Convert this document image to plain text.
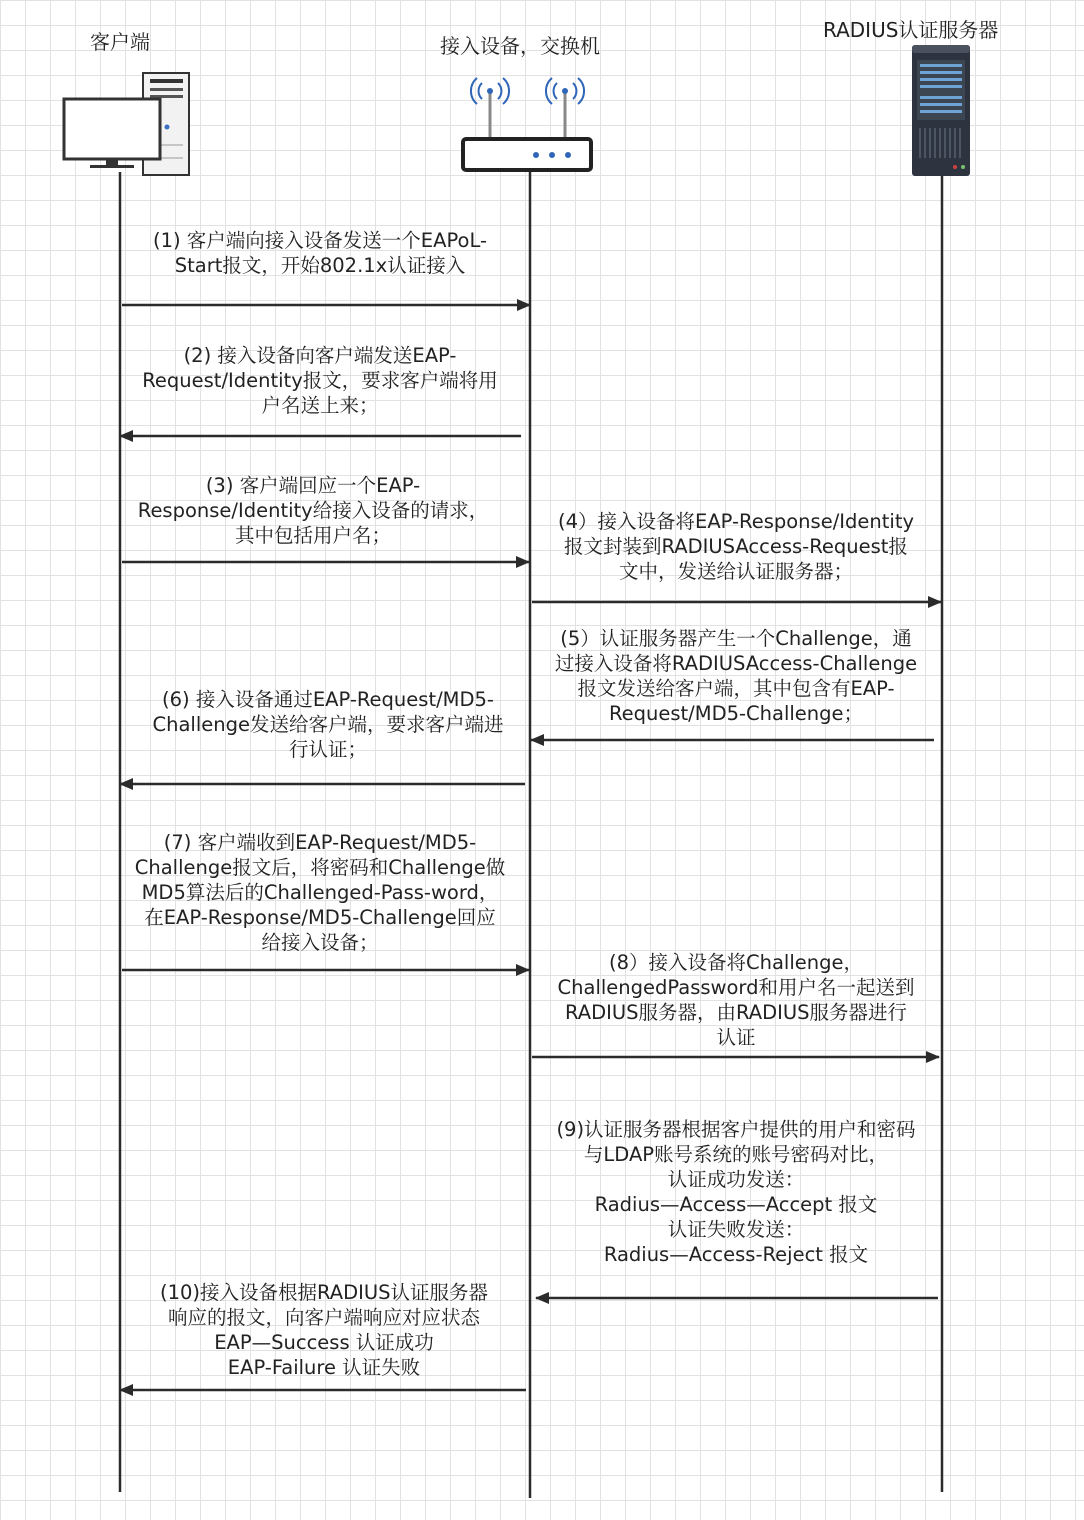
客户端	接入设备，交换机
RADIUS认证服务器
(1) 客户端向接入设备发送一个EAPoL-
Start报文，开始802.1x认证接入
(2) 接入设备向客户端发送EAP-
Request/Identity报文，要求客户端将用
户名送上来；
(3) 客户端回应一个EAP-
Response/Identity给接入设备的请求，
其中包括用户名；
(4）接入设备将EAP-Response/Identity
报文封装到RADIUSAccess-Request报
文中，发送给认证服务器；
(5）认证服务器产生一个Challenge，通
过接入设备将RADIUSAccess-Challenge
报文发送给客户端，其中包含有EAP-
Request/MD5-Challenge；
(6) 接入设备通过EAP-Request/MD5-
Challenge发送给客户端，要求客户端进
行认证；
(7) 客户端收到EAP-Request/MD5-
Challenge报文后，将密码和Challenge做
MD5算法后的Challenged-Pass-word，
在EAP-Response/MD5-Challenge回应
给接入设备；
(8）接入设备将Challenge，
ChallengedPassword和用户名一起送到
RADIUS服务器，由RADIUS服务器进行
认证
(9)认证服务器根据客户提供的用户和密码
与LDAP账号系统的账号密码对比，
认证成功发送：
Radius—Access—Accept 报文
认证失败发送：
Radius—Access-Reject 报文
(10)接入设备根据RADIUS认证服务器
响应的报文，向客户端响应对应状态
EAP—Success 认证成功
EAP-Failure 认证失败
